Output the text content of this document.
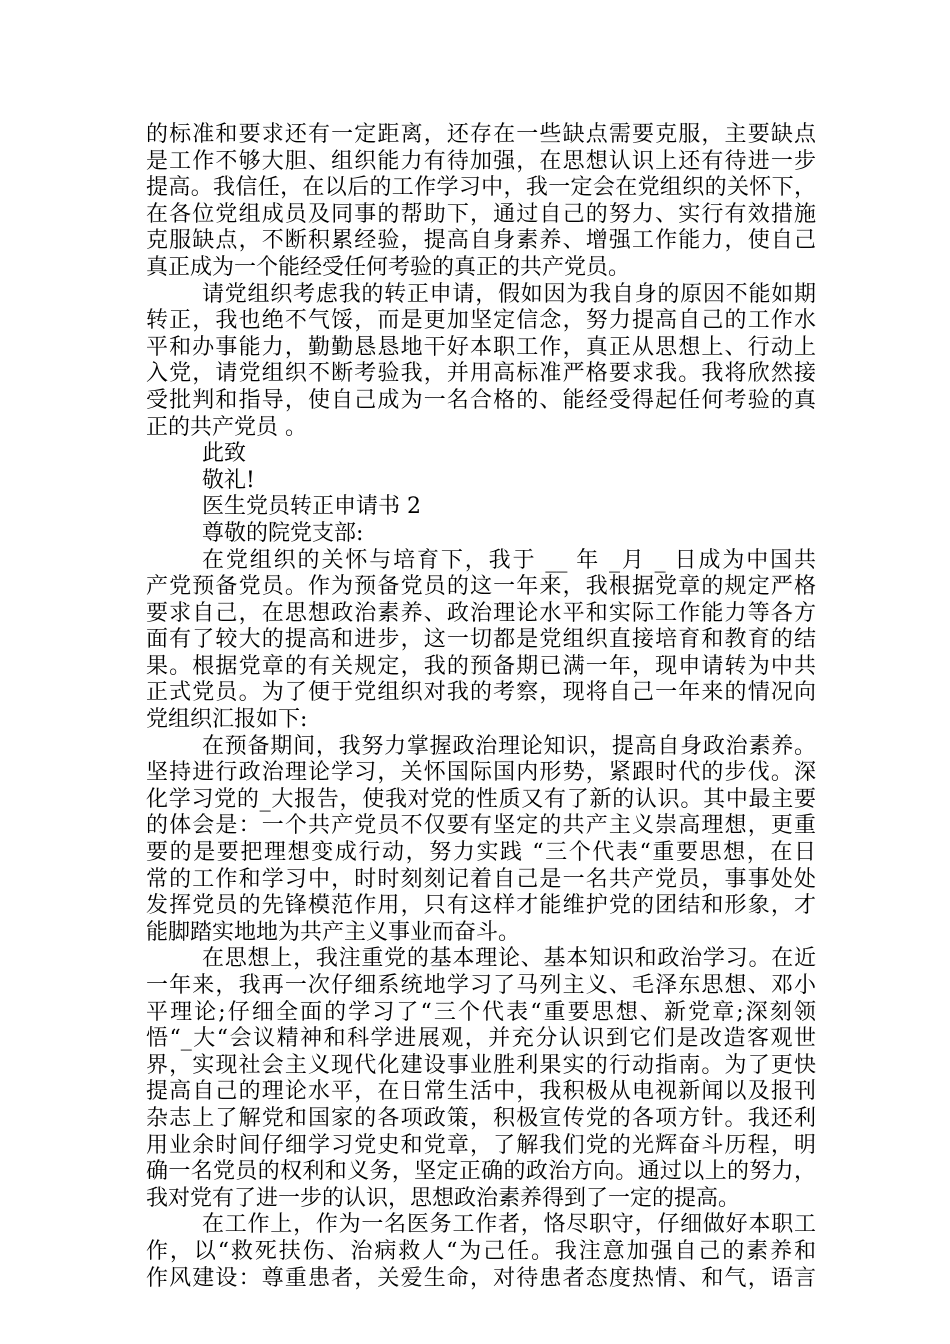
的标准和要求还有一定距离，还存在一些缺点需要克服，主要缺点
是工作不够大胆、组织能力有待加强，在思想认识上还有待进一步
提高。我信任，在以后的工作学习中，我一定会在党组织的关怀下，
在各位党组成员及同事的帮助下，通过自己的努力、实行有效措施
克服缺点，不断积累经验，提高自身素养、增强工作能力，使自己
真正成为一个能经受任何考验的真正的共产党员。
请党组织考虑我的转正申请，假如因为我自身的原因不能如期
转正，我也绝不气馁，而是更加坚定信念，努力提高自己的工作水
平和办事能力，勤勤恳恳地干好本职工作，真正从思想上、行动上
入党，请党组织不断考验我，并用高标准严格要求我。我将欣然接
受批判和指导，使自己成为一名合格的、能经受得起任何考验的真
正的共产党员 。
此致
敬礼!
医生党员转正申请书 2
尊敬的院党支部:
在党组织的关怀与培育下，我于 __ 年 _月 _ 日成为中国共
产党预备党员。作为预备党员的这一年来，我根据党章的规定严格
要求自己，在思想政治素养、政治理论水平和实际工作能力等各方
面有了较大的提高和进步，这一切都是党组织直接培育和教育的结
果。根据党章的有关规定，我的预备期已满一年，现申请转为中共
正式党员。为了便于党组织对我的考察，现将自己一年来的情况向
党组织汇报如下:
在预备期间，我努力掌握政治理论知识，提高自身政治素养。
坚持进行政治理论学习，关怀国际国内形势，紧跟时代的步伐。深
化学习党的_大报告，使我对党的性质又有了新的认识。其中最主要
的体会是：一个共产党员不仅要有坚定的共产主义崇高理想，更重
要的是要把理想变成行动，努力实践 “三个代表“重要思想，在日
常的工作和学习中，时时刻刻记着自己是一名共产党员，事事处处
发挥党员的先锋模范作用，只有这样才能维护党的团结和形象，才
能脚踏实地地为共产主义事业而奋斗。
在思想上，我注重党的基本理论、基本知识和政治学习。在近
一年来，我再一次仔细系统地学习了马列主义、毛泽东思想、邓小
平理论;仔细全面的学习了“三个代表“重要思想、新党章;深刻领
悟“_大“会议精神和科学进展观，并充分认识到它们是改造客观世
界，实现社会主义现代化建设事业胜利果实的行动指南。为了更快
提高自己的理论水平，在日常生活中，我积极从电视新闻以及报刊
杂志上了解党和国家的各项政策，积极宣传党的各项方针。我还利
用业余时间仔细学习党史和党章，了解我们党的光辉奋斗历程，明
确一名党员的权利和义务，坚定正确的政治方向。通过以上的努力，
我对党有了进一步的认识，思想政治素养得到了一定的提高。
在工作上，作为一名医务工作者，恪尽职守，仔细做好本职工
作，以“救死扶伤、治病救人“为己任。我注意加强自己的素养和
作风建设：尊重患者，关爱生命，对待患者态度热情、和气，语言
